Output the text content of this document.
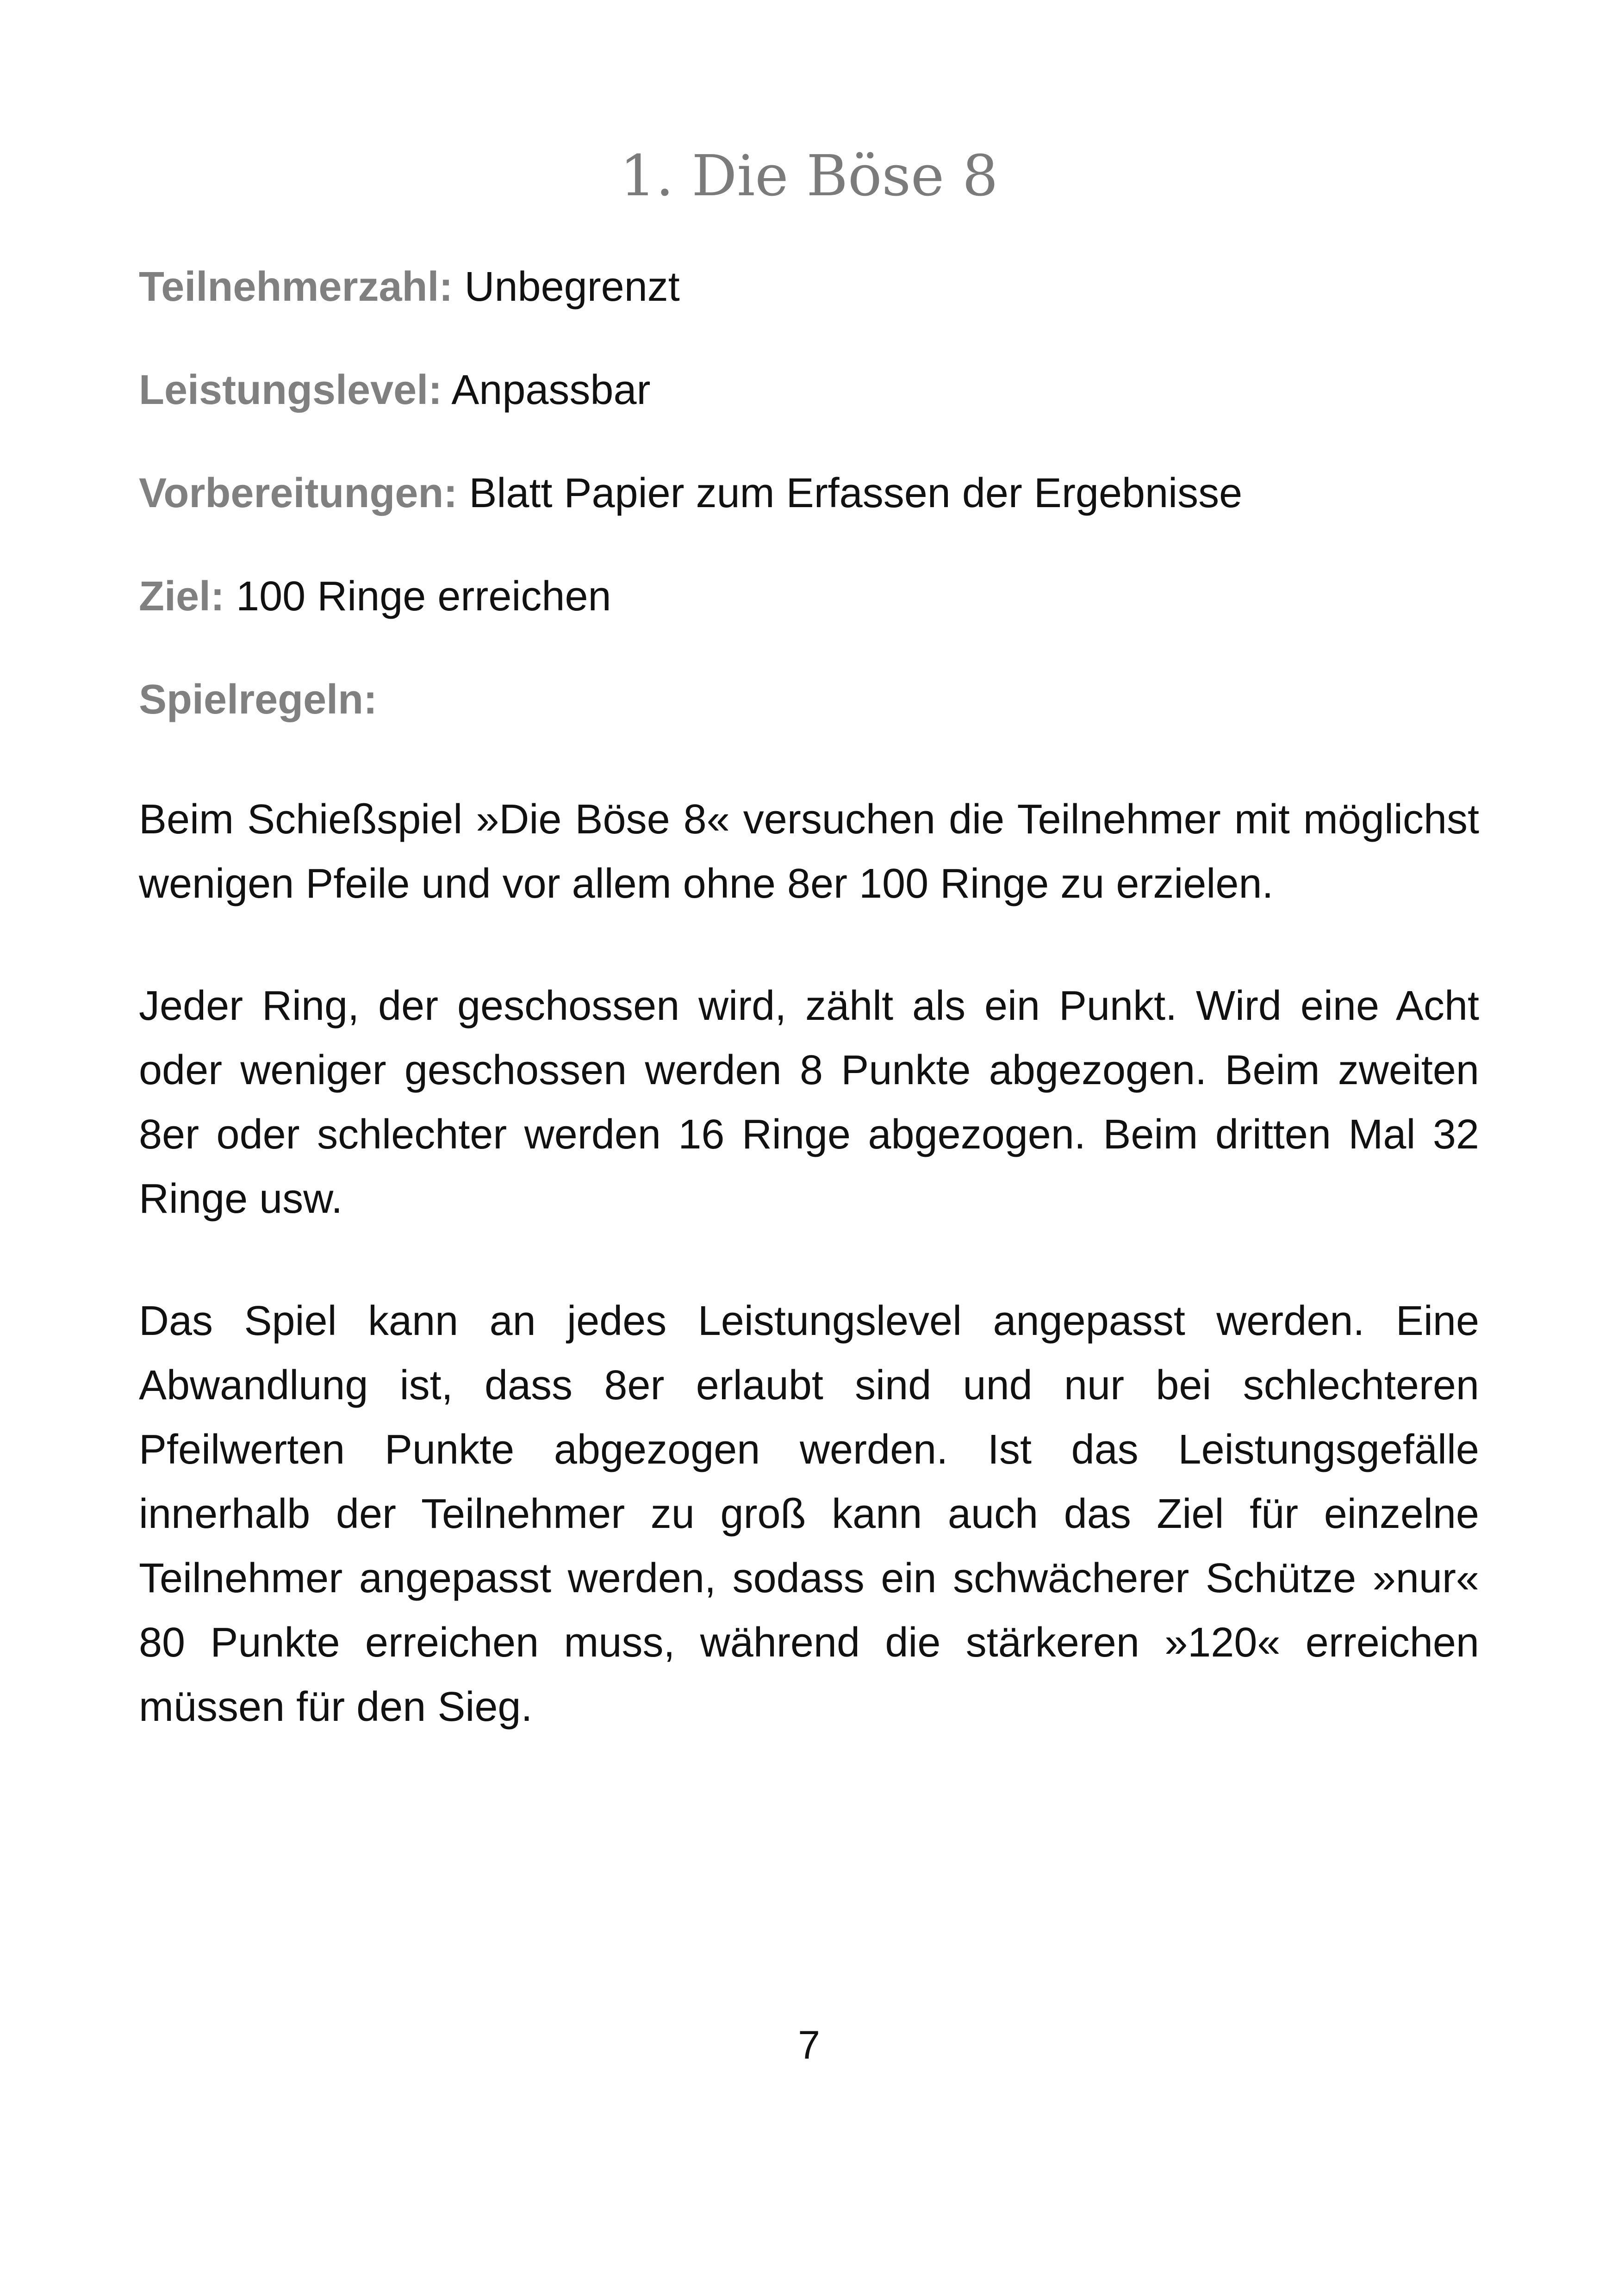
1. Die Böse 8

Teilnehmerzahl: Unbegrenzt

Leistungslevel: Anpassbar

Vorbereitungen: Blatt Papier zum Erfassen der Ergebnisse

Ziel: 100 Ringe erreichen

Spielregeln:

Beim Schießspiel »Die Böse 8« versuchen die Teilnehmer mit möglichst wenigen Pfeile und vor allem ohne 8er 100 Ringe zu erzielen.

Jeder Ring, der geschossen wird, zählt als ein Punkt. Wird eine Acht oder weniger geschossen werden 8 Punkte abgezogen. Beim zweiten 8er oder schlechter werden 16 Ringe abgezogen. Beim dritten Mal 32 Ringe usw.

Das Spiel kann an jedes Leistungslevel angepasst werden. Eine Abwandlung ist, dass 8er erlaubt sind und nur bei schlechteren Pfeilwerten Punkte abgezogen werden. Ist das Leistungsgefälle innerhalb der Teilnehmer zu groß kann auch das Ziel für einzelne Teilnehmer angepasst werden, sodass ein schwächerer Schütze »nur« 80 Punkte erreichen muss, während die stärkeren »120« erreichen müssen für den Sieg.

7
